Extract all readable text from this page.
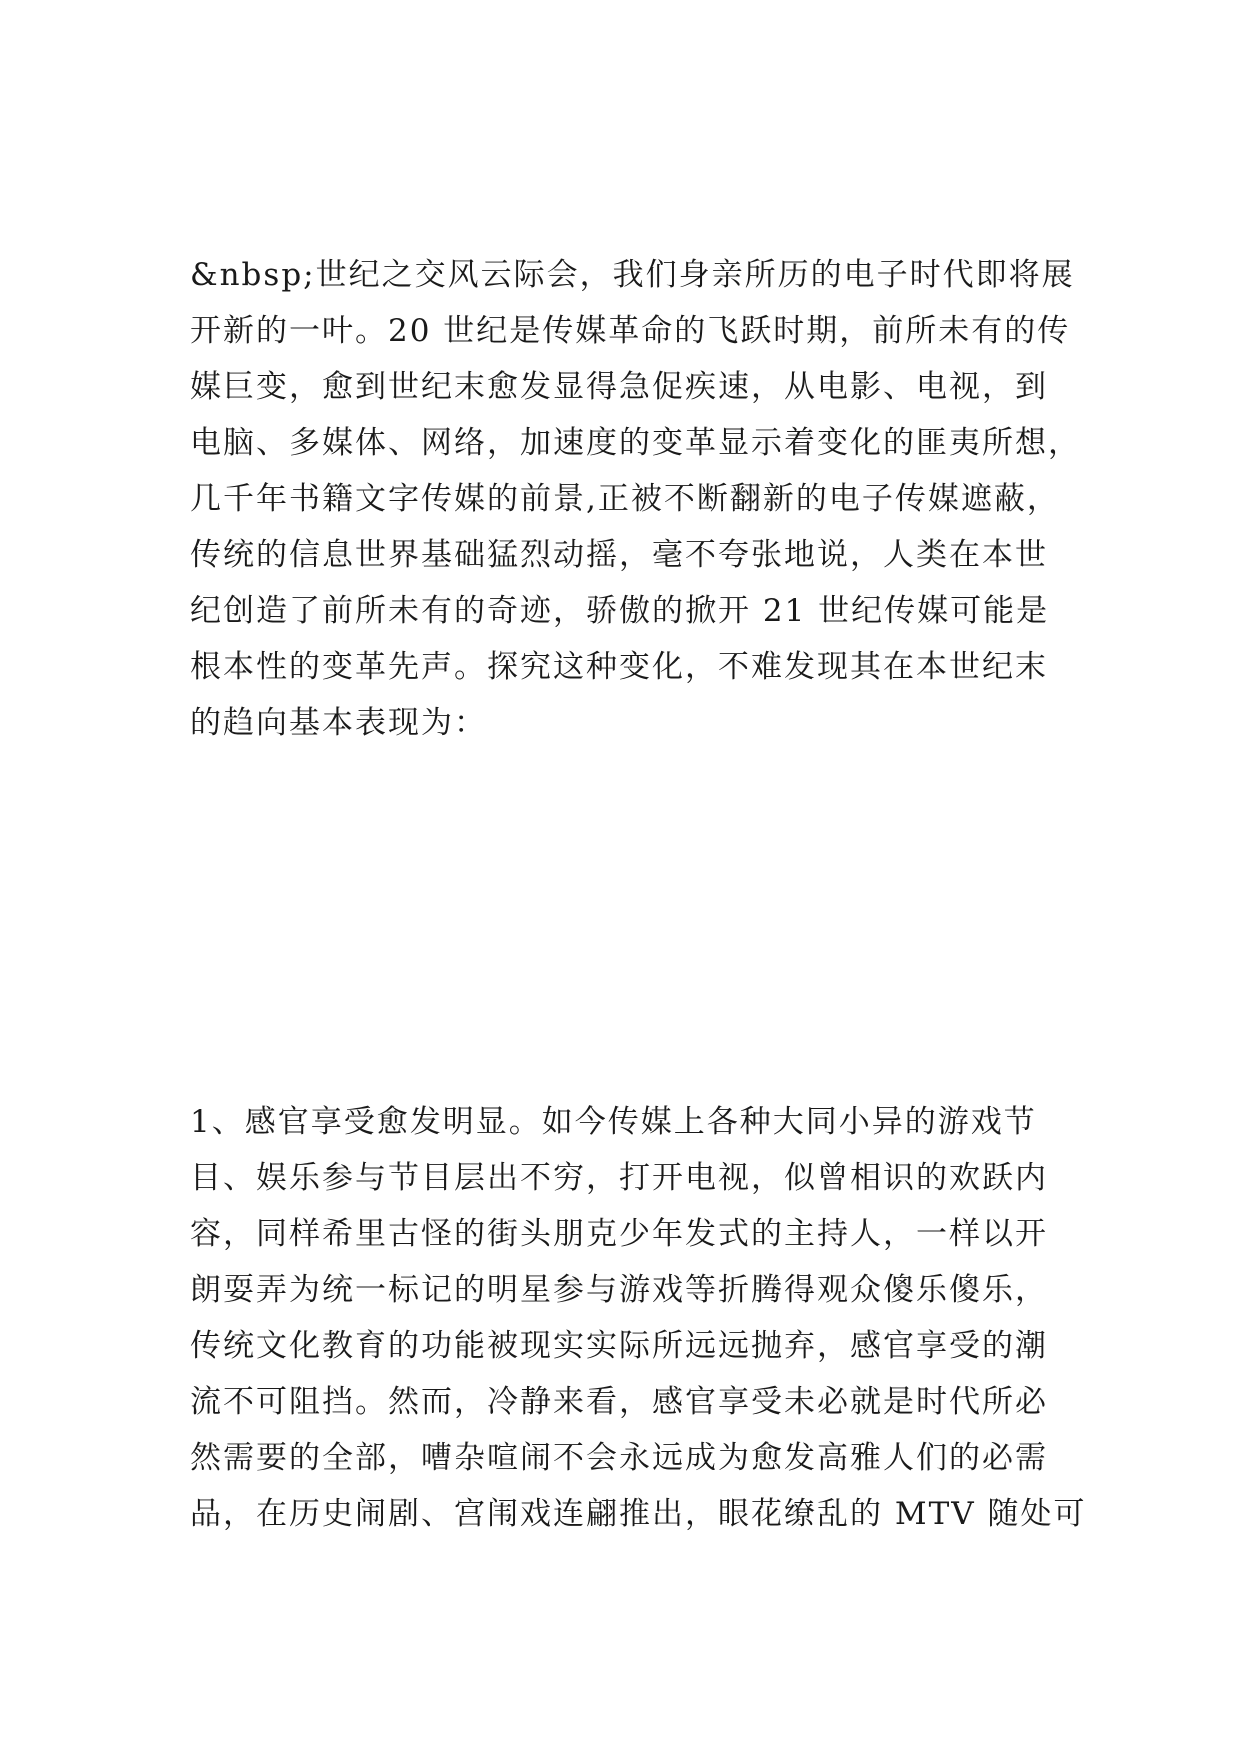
&nbsp;世纪之交风云际会，我们身亲所历的电子时代即将展
开新的一叶。20 世纪是传媒革命的飞跃时期，前所未有的传
媒巨变，愈到世纪末愈发显得急促疾速，从电影、电视，到
电脑、多媒体、网络，加速度的变革显示着变化的匪夷所想，
几千年书籍文字传媒的前景,正被不断翻新的电子传媒遮蔽，
传统的信息世界基础猛烈动摇，毫不夸张地说，人类在本世
纪创造了前所未有的奇迹，骄傲的掀开 21 世纪传媒可能是
根本性的变革先声。探究这种变化，不难发现其在本世纪末
的趋向基本表现为：

1、感官享受愈发明显。如今传媒上各种大同小异的游戏节
目、娱乐参与节目层出不穷，打开电视，似曾相识的欢跃内
容，同样希里古怪的街头朋克少年发式的主持人，一样以开
朗耍弄为统一标记的明星参与游戏等折腾得观众傻乐傻乐，
传统文化教育的功能被现实实际所远远抛弃，感官享受的潮
流不可阻挡。然而，冷静来看，感官享受未必就是时代所必
然需要的全部，嘈杂喧闹不会永远成为愈发高雅人们的必需
品，在历史闹剧、宫闱戏连翩推出，眼花缭乱的 MTV 随处可
